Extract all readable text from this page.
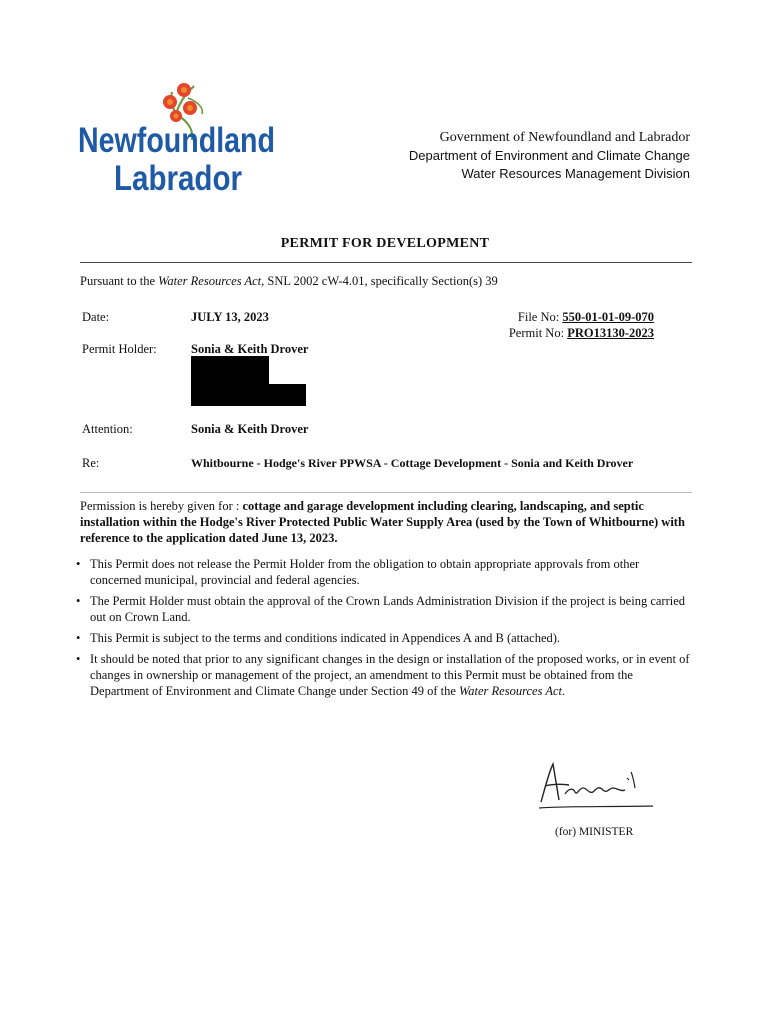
Newfoundland
Labrador
Government of Newfoundland and Labrador
Department of Environment and Climate Change
Water Resources Management Division
PERMIT FOR DEVELOPMENT
Pursuant to the Water Resources Act, SNL 2002 cW-4.01, specifically Section(s) 39
Date:	JULY 13, 2023	File No: 550-01-01-09-070
Permit No: PRO13130-2023
Permit Holder:	Sonia & Keith Drover
Attention:	Sonia & Keith Drover
Re:	Whitbourne - Hodge's River PPWSA - Cottage Development - Sonia and Keith Drover
Permission is hereby given for : cottage and garage development including clearing, landscaping, and septic installation within the Hodge's River Protected Public Water Supply Area (used by the Town of Whitbourne) with reference to the application dated June 13, 2023.
• This Permit does not release the Permit Holder from the obligation to obtain appropriate approvals from other concerned municipal, provincial and federal agencies.
• The Permit Holder must obtain the approval of the Crown Lands Administration Division if the project is being carried out on Crown Land.
• This Permit is subject to the terms and conditions indicated in Appendices A and B (attached).
• It should be noted that prior to any significant changes in the design or installation of the proposed works, or in event of changes in ownership or management of the project, an amendment to this Permit must be obtained from the Department of Environment and Climate Change under Section 49 of the Water Resources Act.
(for) MINISTER
